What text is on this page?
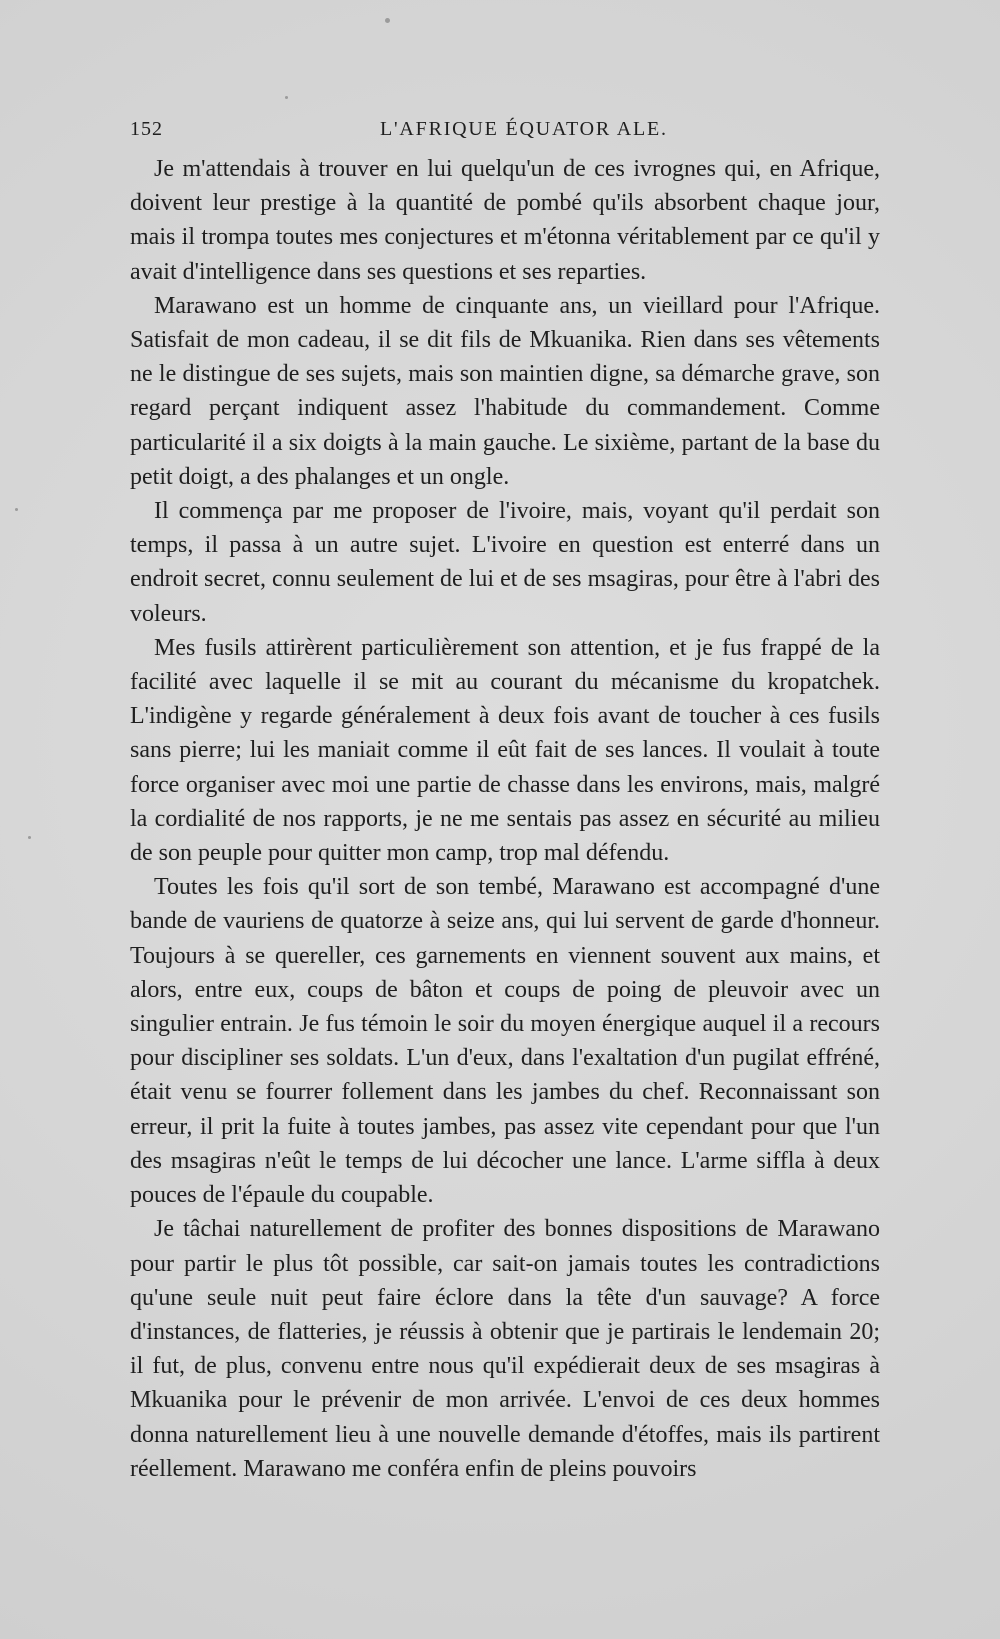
152	L'AFRIQUE ÉQUATOR ALE.

Je m'attendais à trouver en lui quelqu'un de ces ivrognes qui, en Afrique, doivent leur prestige à la quantité de pombé qu'ils absorbent chaque jour, mais il trompa toutes mes conjectures et m'étonna véritablement par ce qu'il y avait d'intelligence dans ses questions et ses reparties.

Marawano est un homme de cinquante ans, un vieillard pour l'Afrique. Satisfait de mon cadeau, il se dit fils de Mkuanika. Rien dans ses vêtements ne le distingue de ses sujets, mais son maintien digne, sa démarche grave, son regard perçant indiquent assez l'habitude du commandement. Comme particularité il a six doigts à la main gauche. Le sixième, partant de la base du petit doigt, a des phalanges et un ongle.

Il commença par me proposer de l'ivoire, mais, voyant qu'il perdait son temps, il passa à un autre sujet. L'ivoire en question est enterré dans un endroit secret, connu seulement de lui et de ses msagiras, pour être à l'abri des voleurs.

Mes fusils attirèrent particulièrement son attention, et je fus frappé de la facilité avec laquelle il se mit au courant du mécanisme du kropatchek. L'indigène y regarde généralement à deux fois avant de toucher à ces fusils sans pierre; lui les maniait comme il eût fait de ses lances. Il voulait à toute force organiser avec moi une partie de chasse dans les environs, mais, malgré la cordialité de nos rapports, je ne me sentais pas assez en sécurité au milieu de son peuple pour quitter mon camp, trop mal défendu.

Toutes les fois qu'il sort de son tembé, Marawano est accompagné d'une bande de vauriens de quatorze à seize ans, qui lui servent de garde d'honneur. Toujours à se quereller, ces garnements en viennent souvent aux mains, et alors, entre eux, coups de bâton et coups de poing de pleuvoir avec un singulier entrain. Je fus témoin le soir du moyen énergique auquel il a recours pour discipliner ses soldats. L'un d'eux, dans l'exaltation d'un pugilat effréné, était venu se fourrer follement dans les jambes du chef. Reconnaissant son erreur, il prit la fuite à toutes jambes, pas assez vite cependant pour que l'un des msagiras n'eût le temps de lui décocher une lance. L'arme siffla à deux pouces de l'épaule du coupable.

Je tâchai naturellement de profiter des bonnes dispositions de Marawano pour partir le plus tôt possible, car sait-on jamais toutes les contradictions qu'une seule nuit peut faire éclore dans la tête d'un sauvage? A force d'instances, de flatteries, je réussis à obtenir que je partirais le lendemain 20; il fut, de plus, convenu entre nous qu'il expédierait deux de ses msagiras à Mkuanika pour le prévenir de mon arrivée. L'envoi de ces deux hommes donna naturellement lieu à une nouvelle demande d'étoffes, mais ils partirent réellement. Marawano me conféra enfin de pleins pouvoirs
